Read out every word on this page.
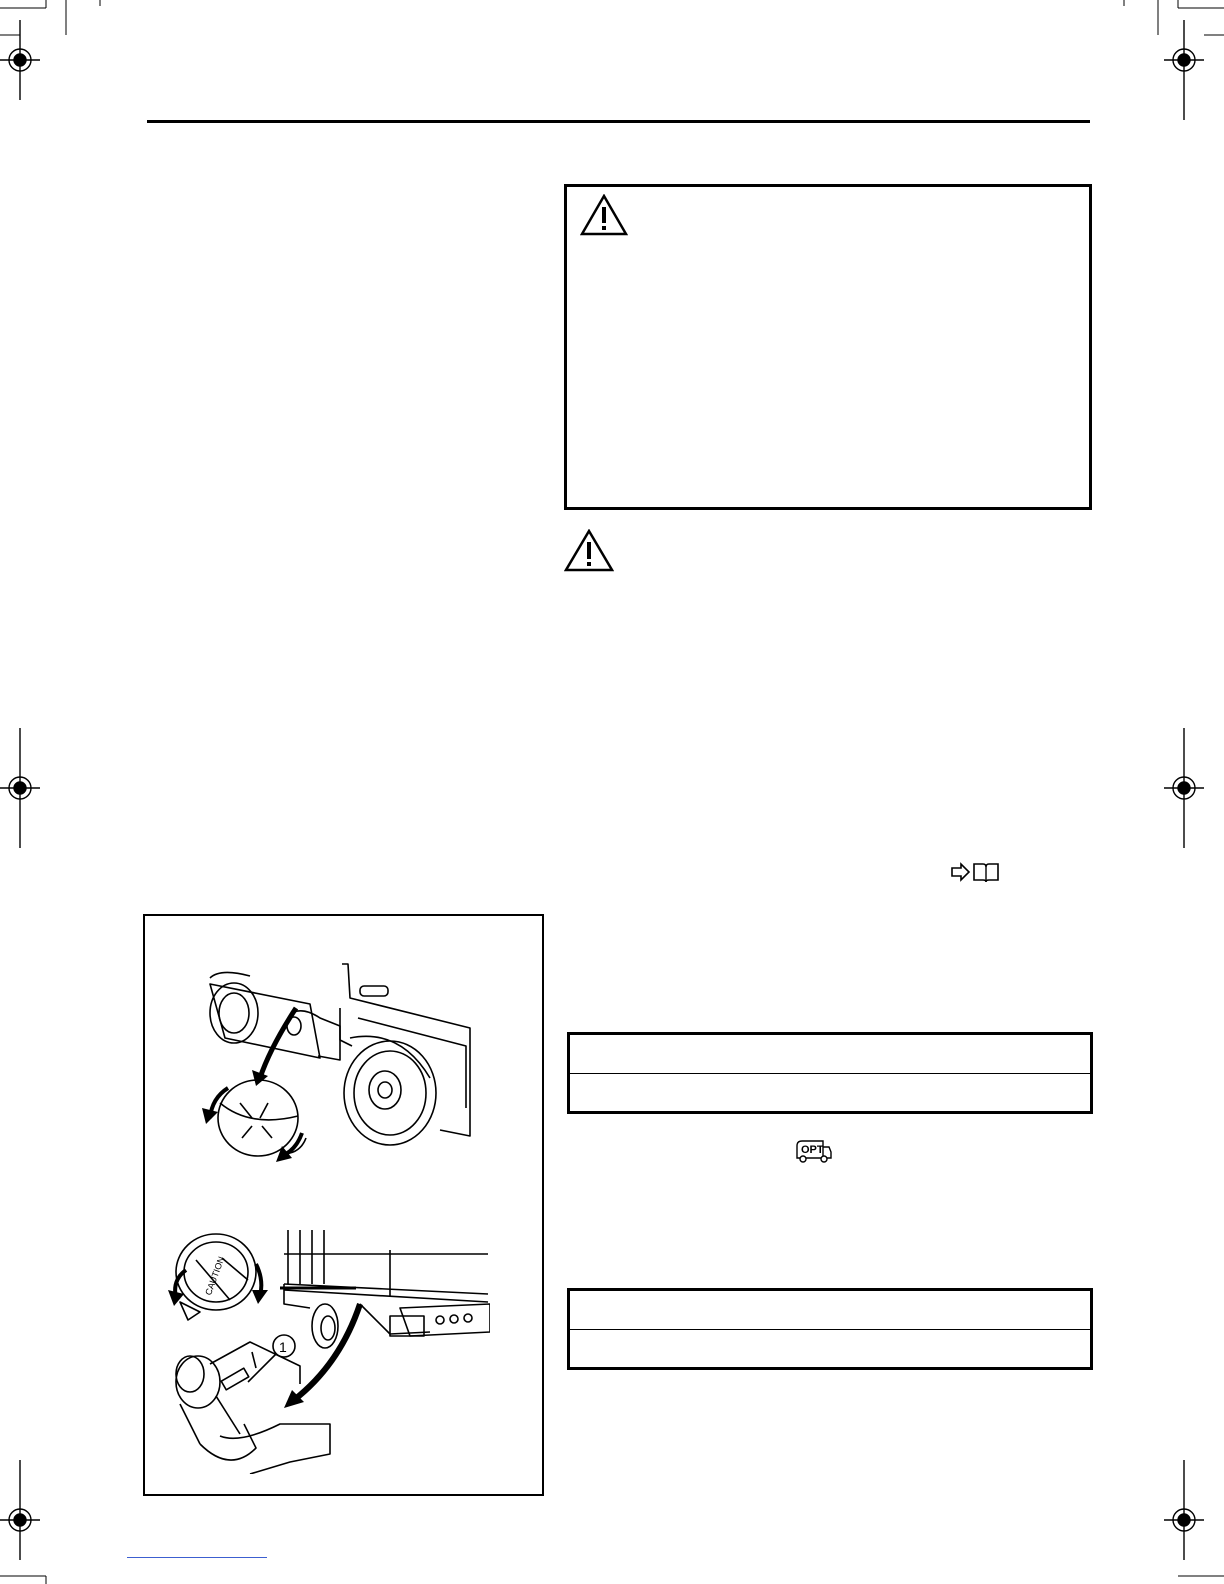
OPT
CAUTION
1
